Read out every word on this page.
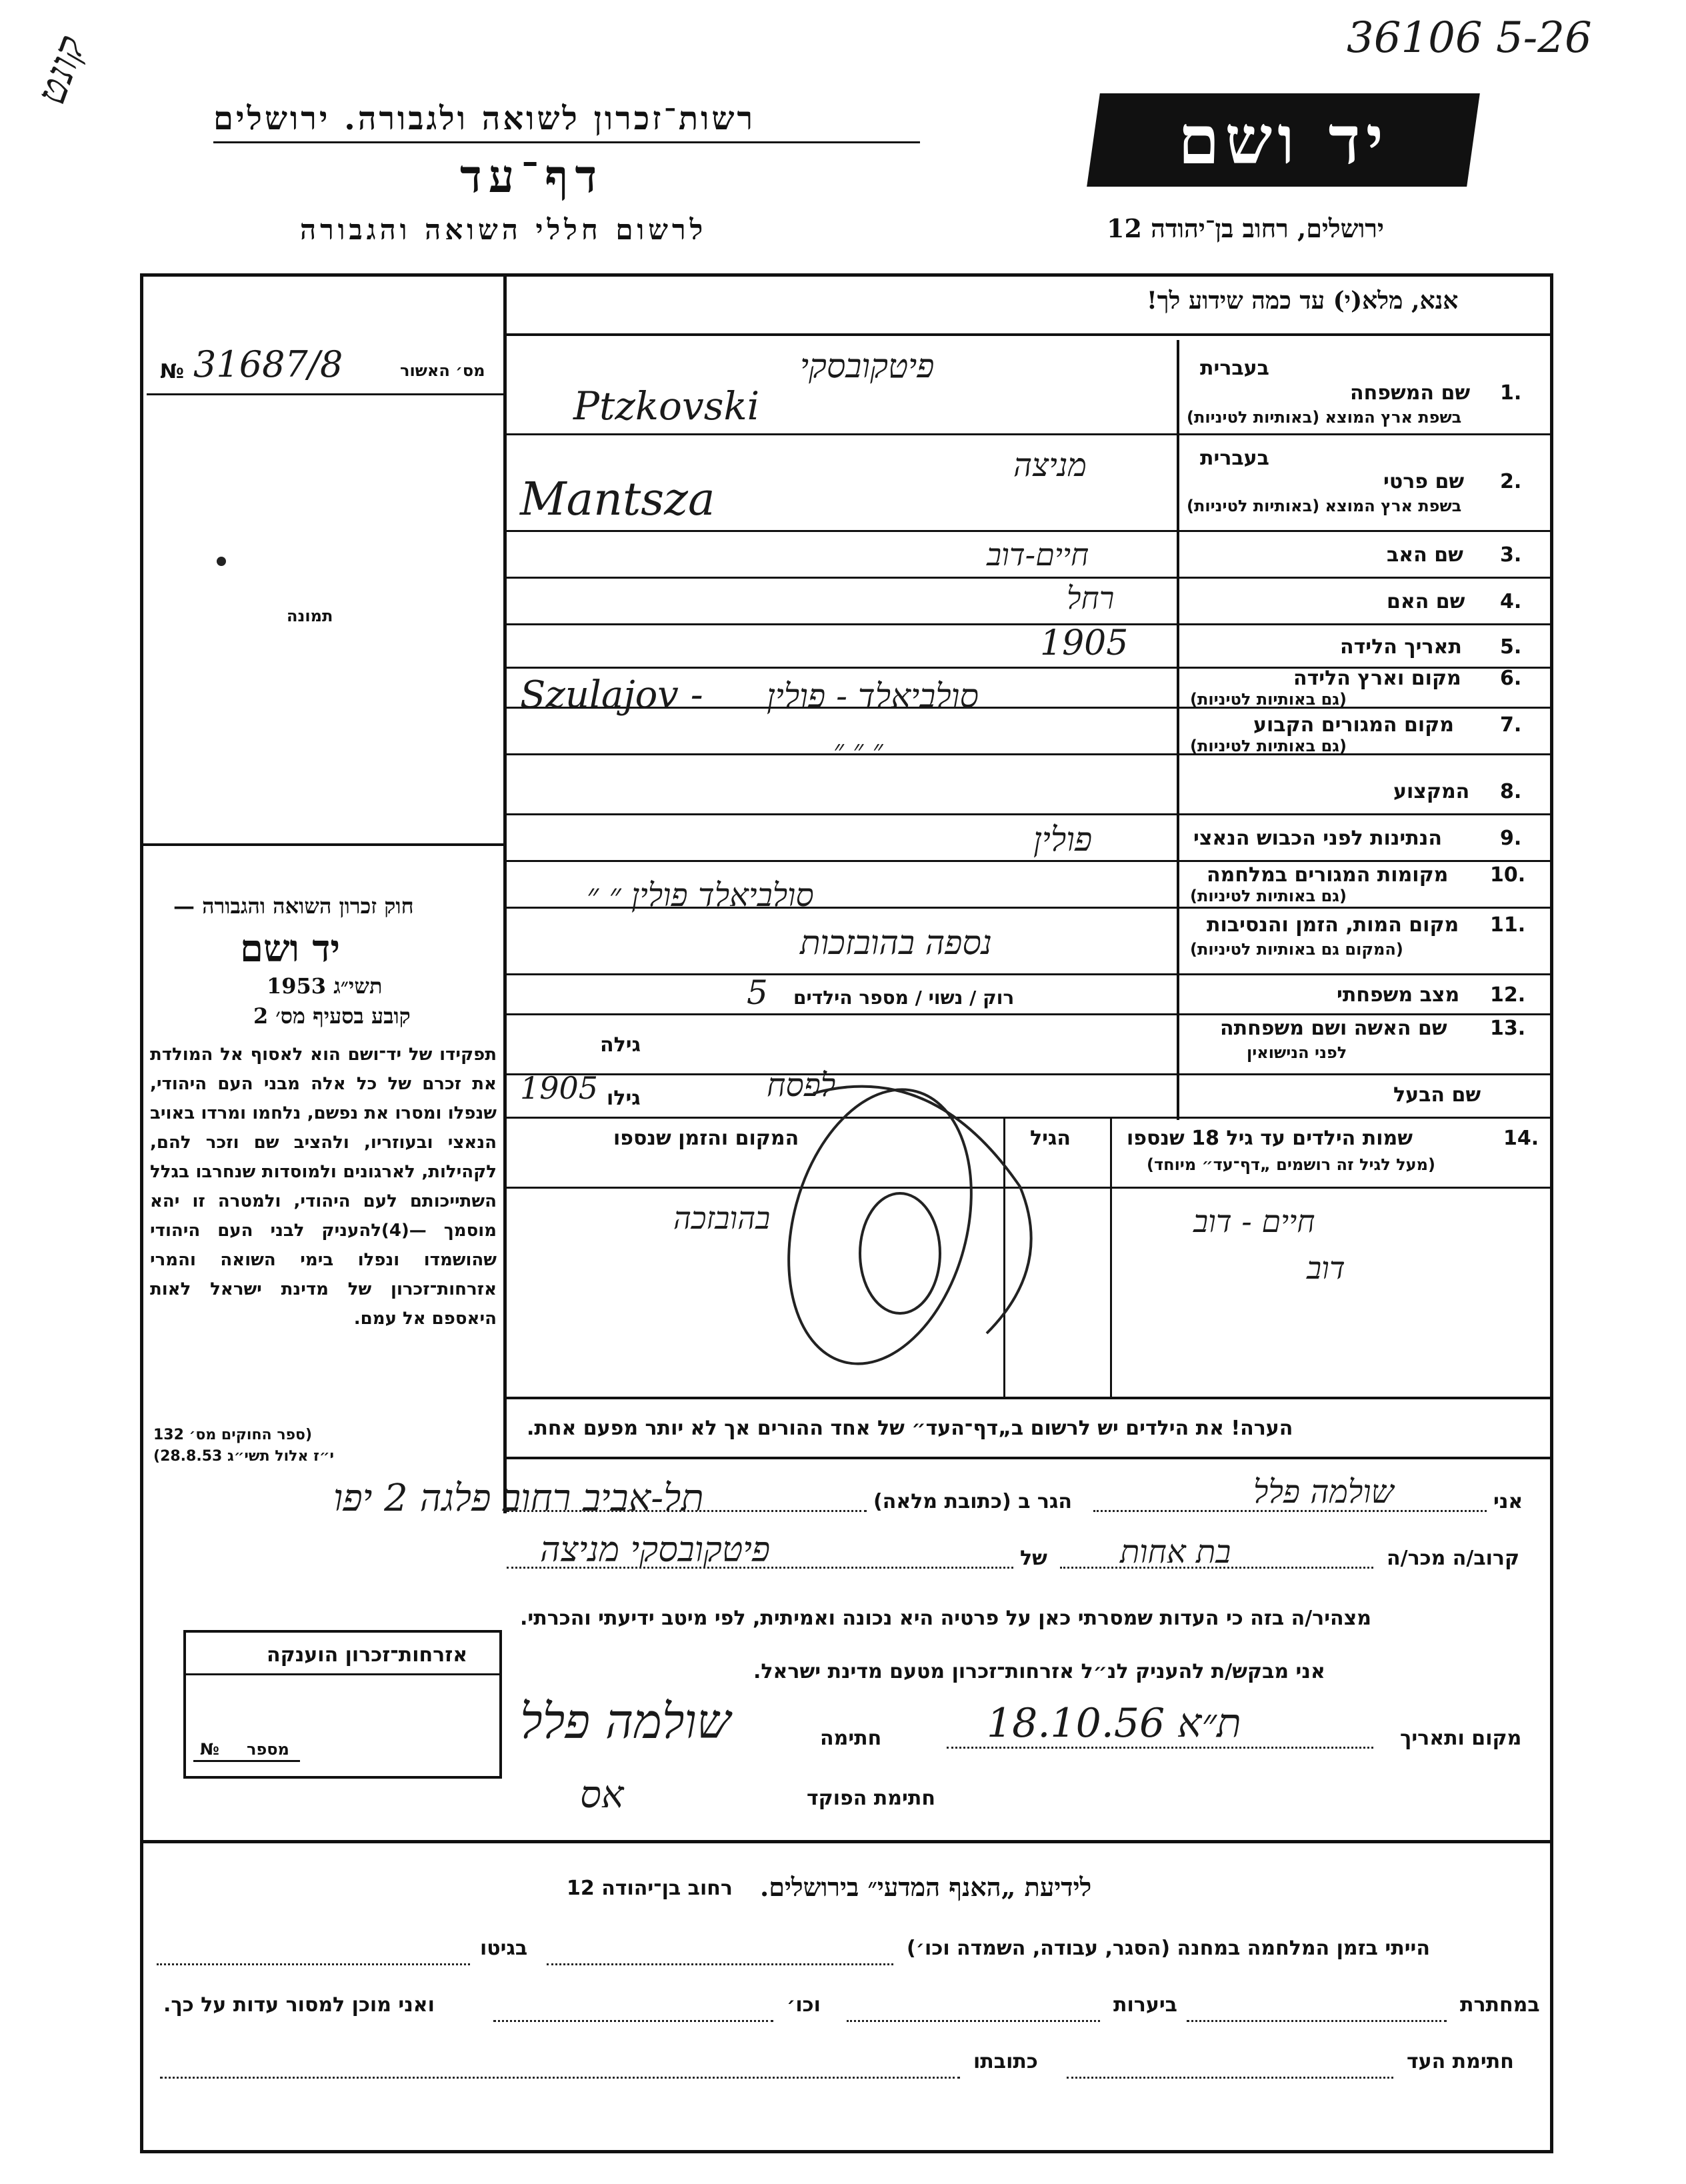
קונט	36106 5-26
רשות־זכרון לשואה ולגבורה. ירושלים
דף־עד
לרשום חללי השואה והגבורה
יד ושם
ירושלים, רחוב בן־יהודה 12
אנא, מלא(י) עד כמה שידוע לך!
מס׳ האשור
№ 31687/8
תמונה
חוק זכרון השואה והגבורה —
יד ושם
תשי״ג 1953
קובע בסעיף מס׳ 2
תפקידו של יד־ושם הוא לאסוף אל המולדת את זכרם של כל אלה מבני העם היהודי, שנפלו ומסרו את נפשם, נלחמו ומרדו באויב הנאצי ובעוזריו, ולהציב שם וזכר להם, לקהילות, לארגונים ולמוסדות שנחרבו בגלל השתייכותם לעם היהודי, ולמטרה זו יהא מוסמך —(4)להעניק לבני העם היהודי שהושמדו ונפלו בימי השואה והמרי אזרחות־זכרון של מדינת ישראל לאות היאספם אל עמם.
(ספר החוקים מס׳ 132
י״ז אלול תשי״ג 28.8.53)
בעברית
1.
שם המשפחה
בשפת ארץ המוצא (באותיות לטיניות)
פיטקובסקי
Ptzkovski
בעברית
2.
שם פרטי
בשפת ארץ המוצא (באותיות לטיניות)
מניצה
Mantsza
3.
שם האב
חיים-דוב
4.
שם האם
רחל
5.
תאריך הלידה
1905
6.
מקום וארץ הלידה
(גם באותיות לטיניות)
סולביאלד - פולין
Szulajov -
7.
מקום המגורים הקבוע
(גם באותיות לטיניות)
״ ״ ״
8.
המקצוע
9.
הנתינות לפני הכבוש הנאצי
פולין
10.
מקומות המגורים במלחמה
(גם באותיות לטיניות)
סולביאלד פולין ״ ״
11.
מקום המות, הזמן והנסיבות
(המקום גם באותיות לטיניות)
נספה בהובזכות
12.
מצב משפחתי
רוק / נשוי / מספר הילדים
5
13.
שם האשה ושם משפחתה
לפני הנישואין
גילה
שם הבעל
גילו
1905	לפסח
14.
שמות הילדים עד גיל 18 שנספו
(מעל לגיל זה רושמים „דף־עד״ מיוחד)
הגיל
המקום והזמן שנספו
חיים - דוב
בהובזכה
דוב
הערה! את הילדים יש לרשום ב„דף־העד״ של אחד ההורים אך לא יותר מפעם אחת.
אני
שולמה פלל
הגר ב (כתובת מלאה)
תל-אביב רחוב פלגה 2 יפו
קרוב/ה מכר/ה
בת אחות
של
פיטקובסקי מניצה
מצהיר/ה בזה כי העדות שמסרתי כאן על פרטיה היא נכונה ואמיתית, לפי מיטב ידיעתי והכרתי.
אני מבקש/ת להעניק לנ״ל אזרחות־זכרון מטעם מדינת ישראל.
מקום ותאריך
ת״א 18.10.56
חתימה
שולמה פלל
חתימת הפוקד
אס
אזרחות־זכרון הוענקה
מספר
№
לידיעת „האנף המדעי״ בירושלים.
רחוב בן־יהודה 12
הייתי בזמן המלחמה במחנה (הסגר, עבודה, השמדה וכו׳)
בגיטו
במחתרת
ביערות
וכו׳
ואני מוכן למסור עדות על כך.
חתימת העד
כתובתו
